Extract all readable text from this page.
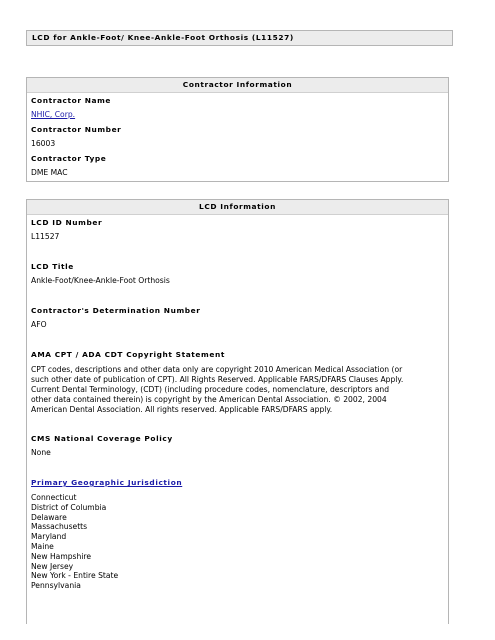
LCD for Ankle-Foot/ Knee-Ankle-Foot Orthosis (L11527)
Contractor Information
Contractor Name
NHIC, Corp.
Contractor Number
16003
Contractor Type
DME MAC
LCD Information
LCD ID Number
L11527
LCD Title
Ankle-Foot/Knee-Ankle-Foot Orthosis
Contractor's Determination Number
AFO
AMA CPT / ADA CDT Copyright Statement
CPT codes, descriptions and other data only are copyright 2010 American Medical Association (or
such other date of publication of CPT). All Rights Reserved. Applicable FARS/DFARS Clauses Apply.
Current Dental Terminology, (CDT) (including procedure codes, nomenclature, descriptors and
other data contained therein) is copyright by the American Dental Association. © 2002, 2004
American Dental Association. All rights reserved. Applicable FARS/DFARS apply.
CMS National Coverage Policy
None
Primary Geographic Jurisdiction
Connecticut
District of Columbia
Delaware
Massachusetts
Maryland
Maine
New Hampshire
New Jersey
New York - Entire State
Pennsylvania
